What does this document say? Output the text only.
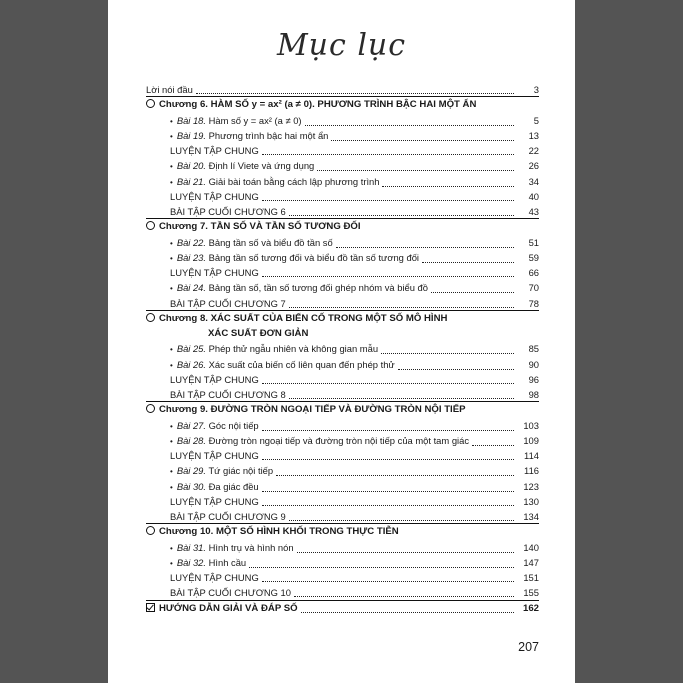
Mục lục
3
Lời nói đầu
Chương 6. HÀM SỐ y = ax² (a ≠ 0). PHƯƠNG TRÌNH BẬC HAI MỘT ẨN
5
• Bài 18. Hàm số y = ax² (a ≠ 0)
13
• Bài 19. Phương trình bậc hai một ẩn
22
LUYỆN TẬP CHUNG
26
• Bài 20. Định lí Viete và ứng dụng
34
• Bài 21. Giải bài toán bằng cách lập phương trình
40
LUYỆN TẬP CHUNG
43
BÀI TẬP CUỐI CHƯƠNG 6
Chương 7. TẦN SỐ VÀ TẦN SỐ TƯƠNG ĐỐI
51
• Bài 22. Bảng tần số và biểu đồ tần số
59
• Bài 23. Bảng tần số tương đối và biểu đồ tần số tương đối
66
LUYỆN TẬP CHUNG
70
• Bài 24. Bảng tần số, tần số tương đối ghép nhóm và biểu đồ
78
BÀI TẬP CUỐI CHƯƠNG 7
Chương 8. XÁC SUẤT CỦA BIẾN CỐ TRONG MỘT SỐ MÔ HÌNH
XÁC SUẤT ĐƠN GIẢN
85
• Bài 25. Phép thử ngẫu nhiên và không gian mẫu
90
• Bài 26. Xác suất của biến cố liên quan đến phép thử
96
LUYỆN TẬP CHUNG
98
BÀI TẬP CUỐI CHƯƠNG 8
Chương 9. ĐƯỜNG TRÒN NGOẠI TIẾP VÀ ĐƯỜNG TRÒN NỘI TIẾP
103
• Bài 27. Góc nội tiếp
109
• Bài 28. Đường tròn ngoại tiếp và đường tròn nội tiếp của một tam giác
114
LUYỆN TẬP CHUNG
116
• Bài 29. Tứ giác nội tiếp
123
• Bài 30. Đa giác đều
130
LUYỆN TẬP CHUNG
134
BÀI TẬP CUỐI CHƯƠNG 9
Chương 10. MỘT SỐ HÌNH KHỐI TRONG THỰC TIỄN
140
• Bài 31. Hình trụ và hình nón
147
• Bài 32. Hình cầu
151
LUYỆN TẬP CHUNG
155
BÀI TẬP CUỐI CHƯƠNG 10
162
HƯỚNG DẪN GIẢI VÀ ĐÁP SỐ
207
